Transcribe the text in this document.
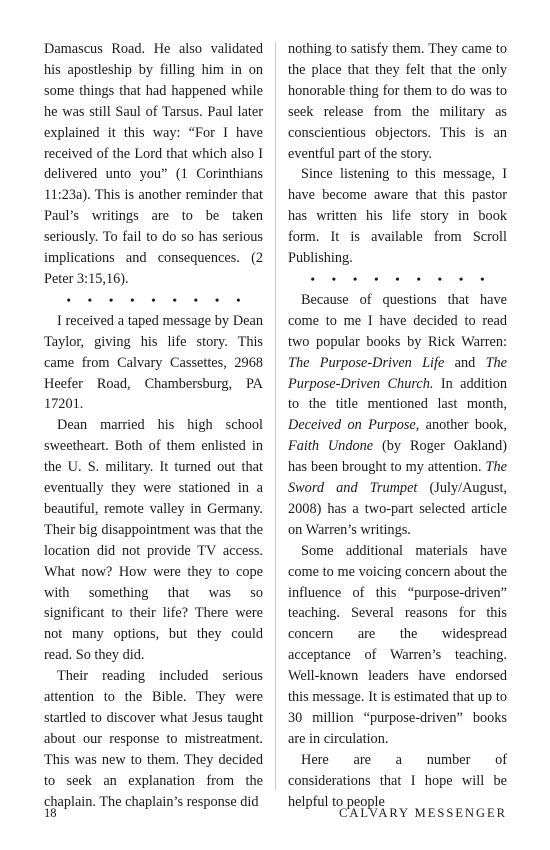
Damascus Road. He also validated his apostleship by filling him in on some things that had happened while he was still Saul of Tarsus. Paul later explained it this way: “For I have received of the Lord that which also I delivered unto you” (1 Corinthians 11:23a). This is another reminder that Paul’s writings are to be taken seriously. To fail to do so has serious implications and consequences. (2 Peter 3:15,16).

• • • • • • • • •

I received a taped message by Dean Taylor, giving his life story. This came from Calvary Cassettes, 2968 Heefer Road, Chambersburg, PA 17201.

Dean married his high school sweetheart. Both of them enlisted in the U. S. military. It turned out that eventually they were stationed in a beautiful, remote valley in Germany. Their big disappointment was that the location did not provide TV access. What now? How were they to cope with something that was so significant to their life? There were not many options, but they could read. So they did.

Their reading included serious attention to the Bible. They were startled to discover what Jesus taught about our response to mistreatment. This was new to them. They decided to seek an explanation from the chaplain. The chaplain’s response did

nothing to satisfy them. They came to the place that they felt that the only honorable thing for them to do was to seek release from the military as conscientious objectors. This is an eventful part of the story.

Since listening to this message, I have become aware that this pastor has written his life story in book form. It is available from Scroll Publishing.

• • • • • • • • •

Because of questions that have come to me I have decided to read two popular books by Rick Warren: The Purpose-Driven Life and The Purpose-Driven Church. In addition to the title mentioned last month, Deceived on Purpose, another book, Faith Undone (by Roger Oakland) has been brought to my attention. The Sword and Trumpet (July/August, 2008) has a two-part selected article on Warren’s writings.

Some additional materials have come to me voicing concern about the influence of this “purpose-driven” teaching. Several reasons for this concern are the widespread acceptance of Warren’s teaching. Well-known leaders have endorsed this message. It is estimated that up to 30 million “purpose-driven” books are in circulation.

Here are a number of considerations that I hope will be helpful to people

18	CALVARY MESSENGER
